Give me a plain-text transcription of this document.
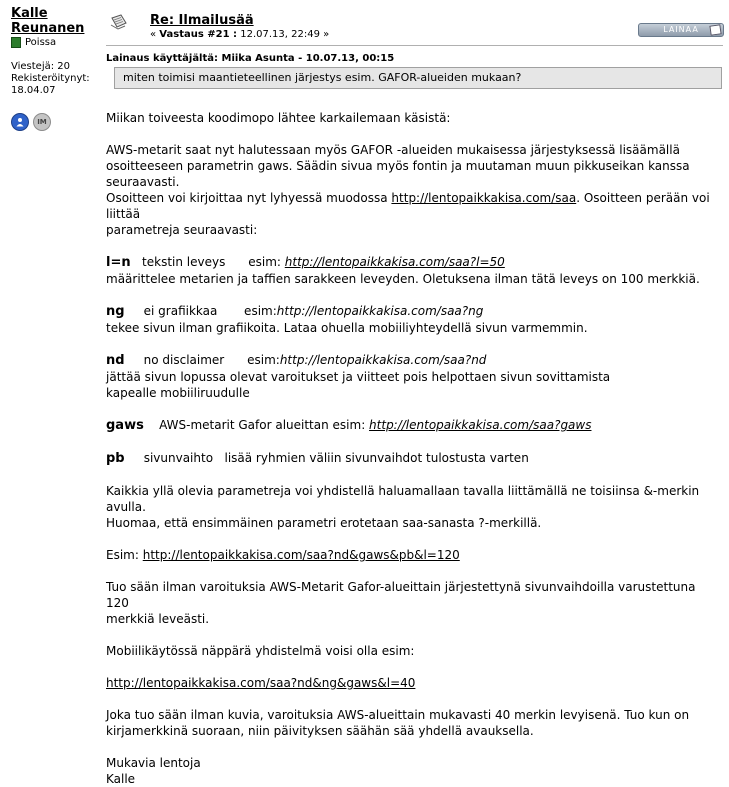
Kalle
Reunanen
Poissa
Viestejä: 20
Rekisteröitynyt:
18.04.07
IM
Re: Ilmailusää
« Vastaus #21 : 12.07.13, 22:49 »	LAINAA
Lainaus käyttäjältä: Miika Asunta - 10.07.13, 00:15
miten toimisi maantieteellinen järjestys esim. GAFOR-alueiden mukaan?

Miikan toiveesta koodimopo lähtee karkailemaan käsistä:

AWS-metarit saat nyt halutessaan myös GAFOR -alueiden mukaisessa järjestyksessä lisäämällä

osoitteeseen parametrin gaws. Säädin sivua myös fontin ja muutaman muun pikkuseikan kanssa

seuraavasti.

Osoitteen voi kirjoittaa nyt lyhyessä muodossa http://lentopaikkakisa.com/saa. Osoitteen perään voi liittää

parametreja seuraavasti:

l=n   tekstin leveys      esim: http://lentopaikkakisa.com/saa?l=50

määrittelee metarien ja taffien sarakkeen leveyden. Oletuksena ilman tätä leveys on 100 merkkiä.

ng     ei grafiikkaa       esim:http://lentopaikkakisa.com/saa?ng

tekee sivun ilman grafiikoita. Lataa ohuella mobiiliyhteydellä sivun varmemmin.

nd     no disclaimer      esim:http://lentopaikkakisa.com/saa?nd

jättää sivun lopussa olevat varoitukset ja viitteet pois helpottaen sivun sovittamista

kapealle mobiiliruudulle

gaws    AWS-metarit Gafor alueittan esim: http://lentopaikkakisa.com/saa?gaws

pb     sivunvaihto   lisää ryhmien väliin sivunvaihdot tulostusta varten

Kaikkia yllä olevia parametreja voi yhdistellä haluamallaan tavalla liittämällä ne toisiinsa &-merkin avulla.

Huomaa, että ensimmäinen parametri erotetaan saa-sanasta ?-merkillä.

Esim: http://lentopaikkakisa.com/saa?nd&gaws&pb&l=120

Tuo sään ilman varoituksia AWS-Metarit Gafor-alueittain järjestettynä sivunvaihdoilla varustettuna 120

merkkiä leveästi.

Mobiilikäytössä näppärä yhdistelmä voisi olla esim:

http://lentopaikkakisa.com/saa?nd&ng&gaws&l=40

Joka tuo sään ilman kuvia, varoituksia AWS-alueittain mukavasti 40 merkin levyisenä. Tuo kun on

kirjamerkkinä suoraan, niin päivityksen säähän sää yhdellä avauksella.

Mukavia lentoja

Kalle
